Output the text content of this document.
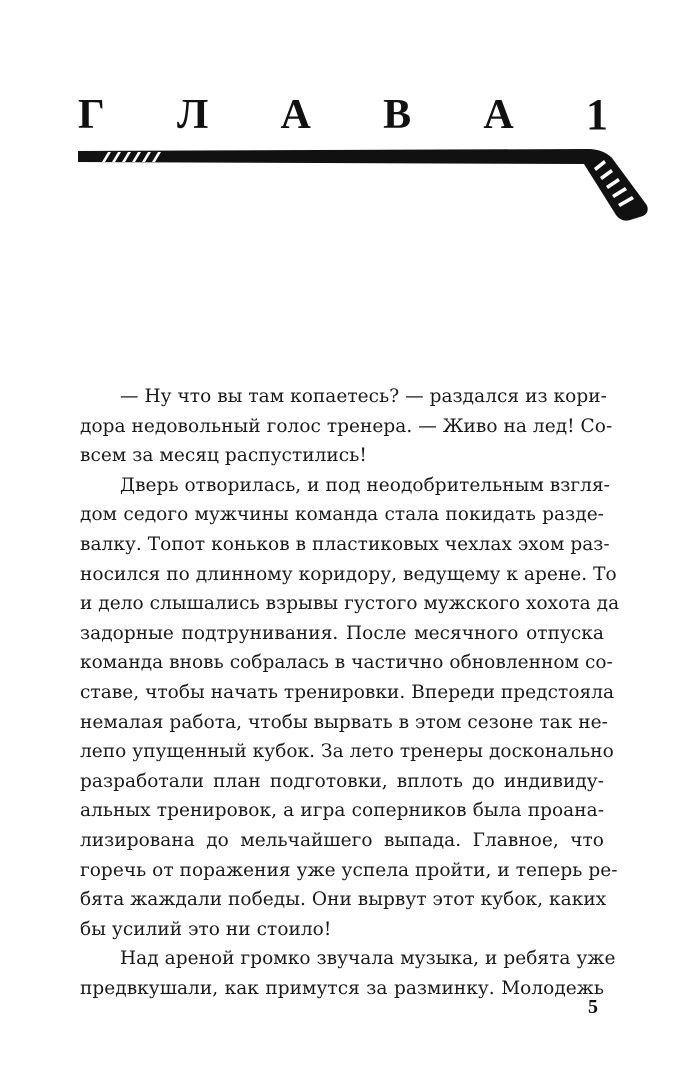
Г Л А В А 1

— Ну что вы там копаетесь? — раздался из кори-
дора недовольный голос тренера. — Живо на лед! Со-
всем за месяц распустились!

Дверь отворилась, и под неодобрительным взгля-
дом седого мужчины команда стала покидать разде-
валку. Топот коньков в пластиковых чехлах эхом раз-
носился по длинному коридору, ведущему к арене. То
и дело слышались взрывы густого мужского хохота да
задорные подтрунивания. После месячного отпуска
команда вновь собралась в частично обновленном со-
ставе, чтобы начать тренировки. Впереди предстояла
немалая работа, чтобы вырвать в этом сезоне так не-
лепо упущенный кубок. За лето тренеры досконально
разработали план подготовки, вплоть до индивиду-
альных тренировок, а игра соперников была проана-
лизирована до мельчайшего выпада. Главное, что
горечь от поражения уже успела пройти, и теперь ре-
бята жаждали победы. Они вырвут этот кубок, каких
бы усилий это ни стоило!

Над ареной громко звучала музыка, и ребята уже
предвкушали, как примутся за разминку. Молодежь

5
